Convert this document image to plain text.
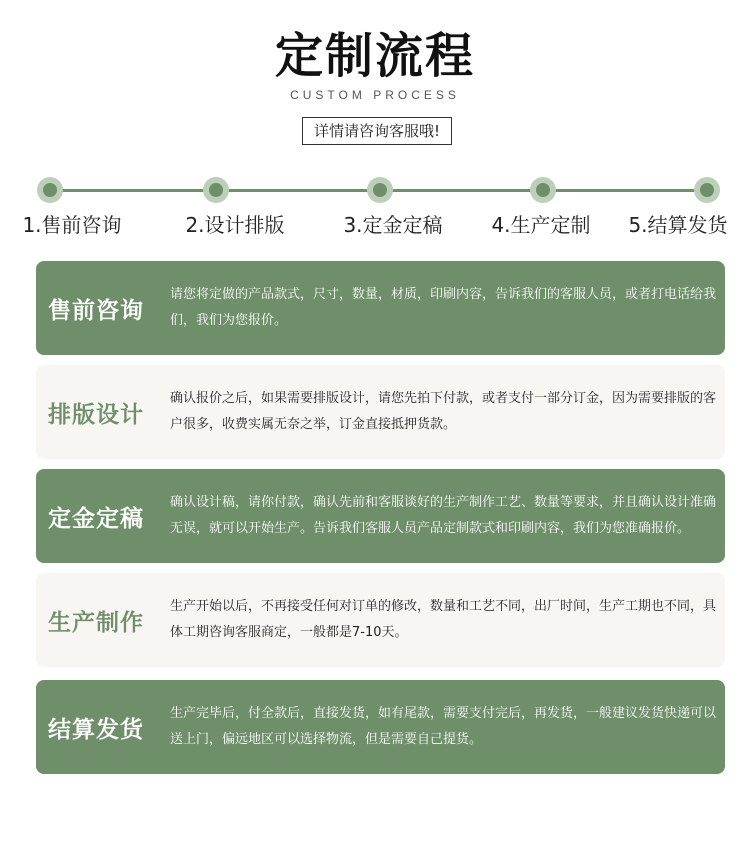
定制流程
CUSTOM PROCESS
详情请咨询客服哦!
1.售前咨询	2.设计排版	3.定金定稿	4.生产定制	5.结算发货
售前咨询
请您将定做的产品款式，尺寸，数量，材质，印刷内容，告诉我们的客服人员，或者打电话给我们，我们为您报价。
排版设计
确认报价之后，如果需要排版设计，请您先拍下付款，或者支付一部分订金，因为需要排版的客户很多，收费实属无奈之举，订金直接抵押货款。
定金定稿
确认设计稿，请你付款，确认先前和客服谈好的生产制作工艺、数量等要求，并且确认设计准确无误，就可以开始生产。告诉我们客服人员产品定制款式和印刷内容，我们为您准确报价。
生产制作
生产开始以后，不再接受任何对订单的修改，数量和工艺不同，出厂时间，生产工期也不同，具体工期咨询客服商定，一般都是7-10天。
结算发货
生产完毕后，付全款后，直接发货，如有尾款，需要支付完后，再发货，一般建议发货快递可以送上门，偏远地区可以选择物流，但是需要自己提货。
